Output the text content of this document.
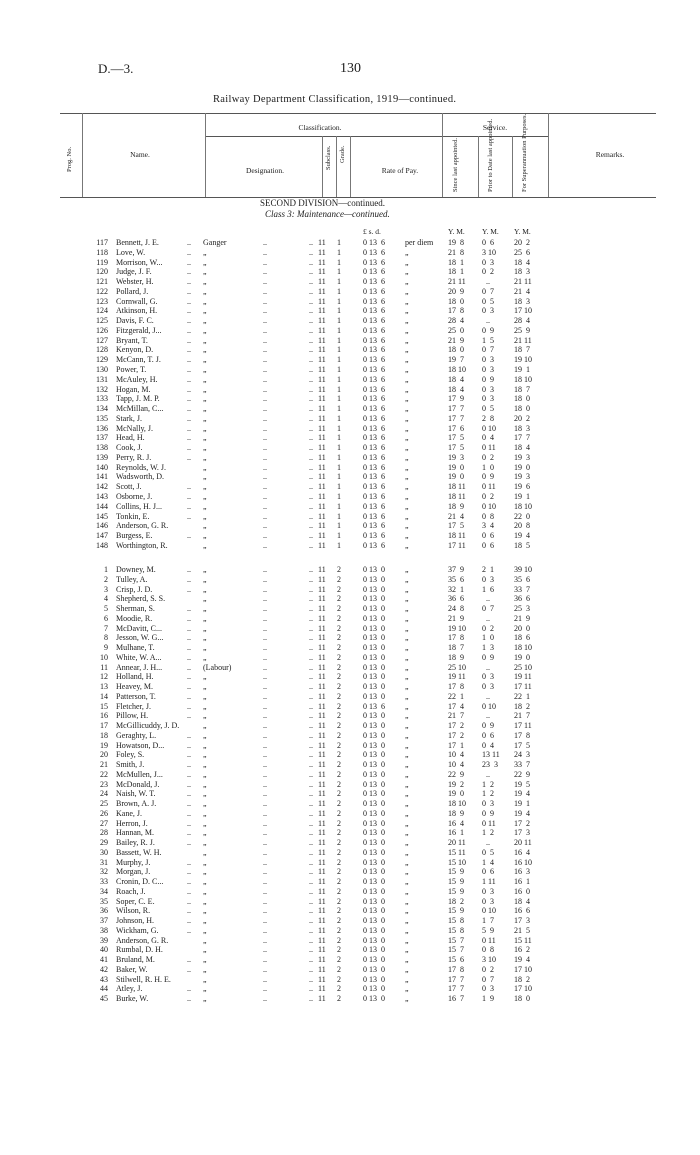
D.—3.	130
Railway Department Classification, 1919—continued.
Prog. No.	Name.
Classification.
Designation.
Subclass. Grade.
Rate of Pay.
Service.
Since last appointed.	Prior to Date last appointed.	For Superannuation Purposes.	Remarks.
SECOND DIVISION—continued.
Class 3: Maintenance—continued.
£ s. d.	Y. M. Y. M. Y. M.
117 Bennett, J. E.	.. Ganger	..	.. 11 1	0 13  6	per diem 19  8	0  6	20  2
118 Love, W.	.. „	..	.. 11 1	0 13  6	„	21  8	3 10	25  6
119 Morrison, W...	.. „	..	.. 11 1	0 13  6	„	18  1	0  3	18  4
120 Judge, J. F.	.. „	..	.. 11 1	0 13  6	„	18  1	0  2	18  3
121 Webster, H.	.. „	..	.. 11 1	0 13  6	„	21 11	..	21 11
122 Pollard, J.	.. „	..	.. 11 1	0 13  6	„	20  9	0  7	21  4
123 Cornwall, G.	.. „	..	.. 11 1	0 13  6	„	18  0	0  5	18  3
124 Atkinson, H.	.. „	..	.. 11 1	0 13  6	„	17  8	0  3	17 10
125 Davis, F. C.	.. „	..	.. 11 1	0 13  6	„	28  4	..	28  4
126 Fitzgerald, J...	.. „	..	.. 11 1	0 13  6	„	25  0	0  9	25  9
127 Bryant, T.	.. „	..	.. 11 1	0 13  6	„	21  9	1  5	21 11
128 Kenyon, D.	.. „	..	.. 11 1	0 13  6	„	18  0	0  7	18  7
129 McCann, T. J.	.. „	..	.. 11 1	0 13  6	„	19  7	0  3	19 10
130 Power, T.	.. „	..	.. 11 1	0 13  6	„	18 10	0  3	19  1
131 McAuley, H.	.. „	..	.. 11 1	0 13  6	„	18  4	0  9	18 10
132 Hogan, M.	.. „	..	.. 11 1	0 13  6	„	18  4	0  3	18  7
133 Tapp, J. M. P.	.. „	..	.. 11 1	0 13  6	„	17  9	0  3	18  0
134 McMillan, C...	.. „	..	.. 11 1	0 13  6	„	17  7	0  5	18  0
135 Stark, J.	.. „	..	.. 11 1	0 13  6	„	17  7	2  8	20  2
136 McNally, J.	.. „	..	.. 11 1	0 13  6	„	17  6	0 10	18  3
137 Head, H.	.. „	..	.. 11 1	0 13  6	„	17  5	0  4	17  7
138 Cook, J.	.. „	..	.. 11 1	0 13  6	„	17  5	0 11	18  4
139 Perry, R. J.	.. „	..	.. 11 1	0 13  6	„	19  3	0  2	19  3
140 Reynolds, W. J.	„	..	.. 11 1	0 13  6	„	19  0	1  0	19  0
141 Wadsworth, D.	„	..	.. 11 1	0 13  6	„	19  0	0  9	19  3
142 Scott, J.	.. „	..	.. 11 1	0 13  6	„	18 11	0 11	19  6
143 Osborne, J.	.. „	..	.. 11 1	0 13  6	„	18 11	0  2	19  1
144 Collins, H. J...	.. „	..	.. 11 1	0 13  6	„	18  9	0 10	18 10
145 Tonkin, E.	.. „	..	.. 11 1	0 13  6	„	21  4	0  8	22  0
146 Anderson, G. R.	„	..	.. 11 1	0 13  6	„	17  5	3  4	20  8
147 Burgess, E.	.. „	..	.. 11 1	0 13  6	„	18 11	0  6	19  4
148 Worthington, R.	„	..	.. 11 1	0 13  6	„	17 11	0  6	18  5
1 Downey, M.	.. „	..	.. 11 2	0 13  0	„	37  9	2  1	39 10
2 Tulley, A.	.. „	..	.. 11 2	0 13  0	„	35  6	0  3	35  6
3 Crisp, J. D.	.. „	..	.. 11 2	0 13  0	„	32  1	1  6	33  7
4 Shepherd, S. S.	„	..	.. 11 2	0 13  0	„	36  6	..	36  6
5 Sherman, S.	.. „	..	.. 11 2	0 13  0	„	24  8	0  7	25  3
6 Moodie, R.	.. „	..	.. 11 2	0 13  0	„	21  9	..	21  9
7 McDavitt, C...	.. „	..	.. 11 2	0 13  0	„	19 10	0  2	20  0
8 Jesson, W. G...	.. „	..	.. 11 2	0 13  0	„	17  8	1  0	18  6
9 Mulhane, T.	.. „	..	.. 11 2	0 13  0	„	18  7	1  3	18 10
10 White, W. A...	.. „	..	.. 11 2	0 13  0	„	18  9	0  9	19  0
11 Annear, J. H...	.. (Labour)	..	.. 11 2	0 13  0	„	25 10	..	25 10
12 Holland, H.	.. „	..	.. 11 2	0 13  0	„	19 11	0  3	19 11
13 Heavey, M.	.. „	..	.. 11 2	0 13  0	„	17  8	0  3	17 11
14 Patterson, T.	.. „	..	.. 11 2	0 13  0	„	22  1	..	22  1
15 Fletcher, J.	.. „	..	.. 11 2	0 13  6	„	17  4	0 10	18  2
16 Pillow, H.	.. „	..	.. 11 2	0 13  0	„	21  7	..	21  7
17 McGillicuddy, J. D.	„	..	.. 11 2	0 13  0	„	17  2	0  9	17 11
18 Geraghty, L.	.. „	..	.. 11 2	0 13  0	„	17  2	0  6	17  8
19 Howatson, D...	.. „	..	.. 11 2	0 13  0	„	17  1	0  4	17  5
20 Foley, S.	.. „	..	.. 11 2	0 13  0	„	10  4	13 11	24  3
21 Smith, J.	.. „	..	.. 11 2	0 13  0	„	10  4	23  3	33  7
22 McMullen, J...	.. „	..	.. 11 2	0 13  0	„	22  9	..	22  9
23 McDonald, J.	.. „	..	.. 11 2	0 13  0	„	19  2	1  2	19  5
24 Naish, W. T.	.. „	..	.. 11 2	0 13  0	„	19  0	1  2	19  4
25 Brown, A. J.	.. „	..	.. 11 2	0 13  0	„	18 10	0  3	19  1
26 Kane, J.	.. „	..	.. 11 2	0 13  0	„	18  9	0  9	19  4
27 Herron, J.	.. „	..	.. 11 2	0 13  0	„	16  4	0 11	17  2
28 Hannan, M.	.. „	..	.. 11 2	0 13  0	„	16  1	1  2	17  3
29 Bailey, R. J.	.. „	..	.. 11 2	0 13  0	„	20 11	..	20 11
30 Bassett, W. H.	„	..	.. 11 2	0 13  0	„	15 11	0  5	16  4
31 Murphy, J.	.. „	..	.. 11 2	0 13  0	„	15 10	1  4	16 10
32 Morgan, J.	.. „	..	.. 11 2	0 13  0	„	15  9	0  6	16  3
33 Cronin, D. C...	.. „	..	.. 11 2	0 13  0	„	15  9	1 11	16  1
34 Roach, J.	.. „	..	.. 11 2	0 13  0	„	15  9	0  3	16  0
35 Soper, C. E.	.. „	..	.. 11 2	0 13  0	„	18  2	0  3	18  4
36 Wilson, R.	.. „	..	.. 11 2	0 13  0	„	15  9	0 10	16  6
37 Johnson, H.	.. „	..	.. 11 2	0 13  0	„	15  8	1  7	17  3
38 Wickham, G.	.. „	..	.. 11 2	0 13  0	„	15  8	5  9	21  5
39 Anderson, G. R.	„	..	.. 11 2	0 13  0	„	15  7	0 11	15 11
40 Rumbal, D. H.	„	..	.. 11 2	0 13  0	„	15  7	0  8	16  2
41 Bruland, M.	.. „	..	.. 11 2	0 13  0	„	15  6	3 10	19  4
42 Baker, W.	.. „	..	.. 11 2	0 13  0	„	17  8	0  2	17 10
43 Stilwell, R. H. E.	„	..	.. 11 2	0 13  0	„	17  7	0  7	18  2
44 Atley, J.	.. „	..	.. 11 2	0 13  0	„	17  7	0  3	17 10
45 Burke, W.	.. „	..	.. 11 2	0 13  0	„	16  7	1  9	18  0
